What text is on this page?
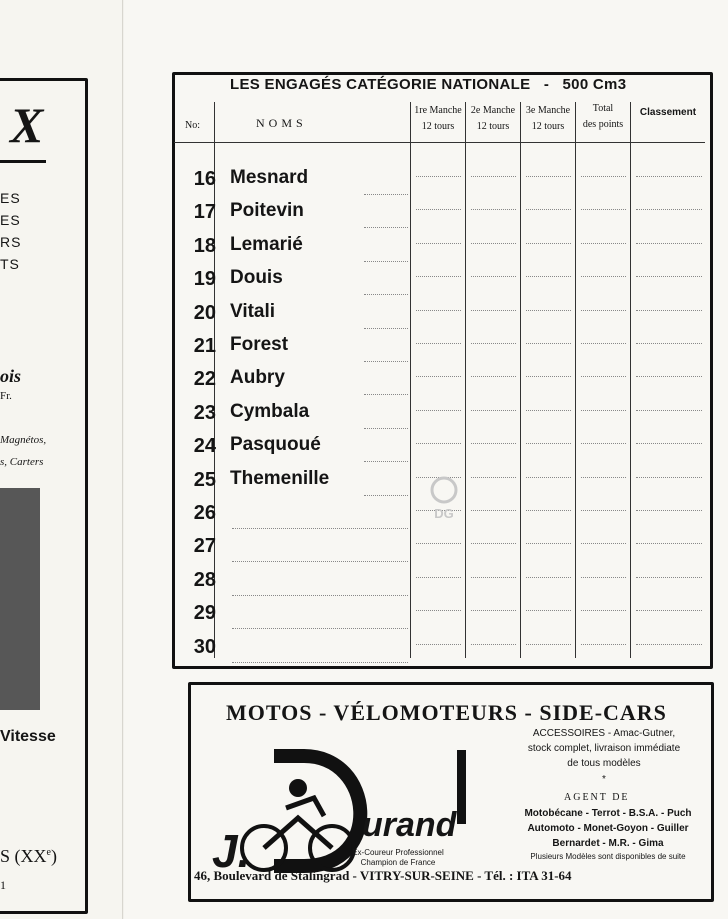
X
ES
ES
RS
TS
ois
Fr.
Magnétos,
s, Carters
Vitesse
S (XXe)
1
LES ENGAGÉS CATÉGORIE NATIONALE   -   500 Cm3
No:	NOMS
1re Manche
12 tours
2e Manche
12 tours
3e Manche
12 tours
Total
des points
Classement
16 Mesnard
17 Poitevin
18 Lemarié
19 Douis
20 Vitali
21 Forest
22 Aubry
23 Cymbala
24 Pasquoué
25 Themenille
26
27
28
29
30
DG
MOTOS - VÉLOMOTEURS - SIDE-CARS
J.	urand
Ex-Coureur Professionnel
Champion de France
ACCESSOIRES - Amac-Gutner,
stock complet, livraison immédiate
de tous modèles
*
AGENT DE
Motobécane - Terrot - B.S.A. - Puch
Automoto - Monet-Goyon - Guiller
Bernardet - M.R. - Gima
Plusieurs Modèles sont disponibles de suite
46, Boulevard de Stalingrad - VITRY-SUR-SEINE - Tél. : ITA 31-64
